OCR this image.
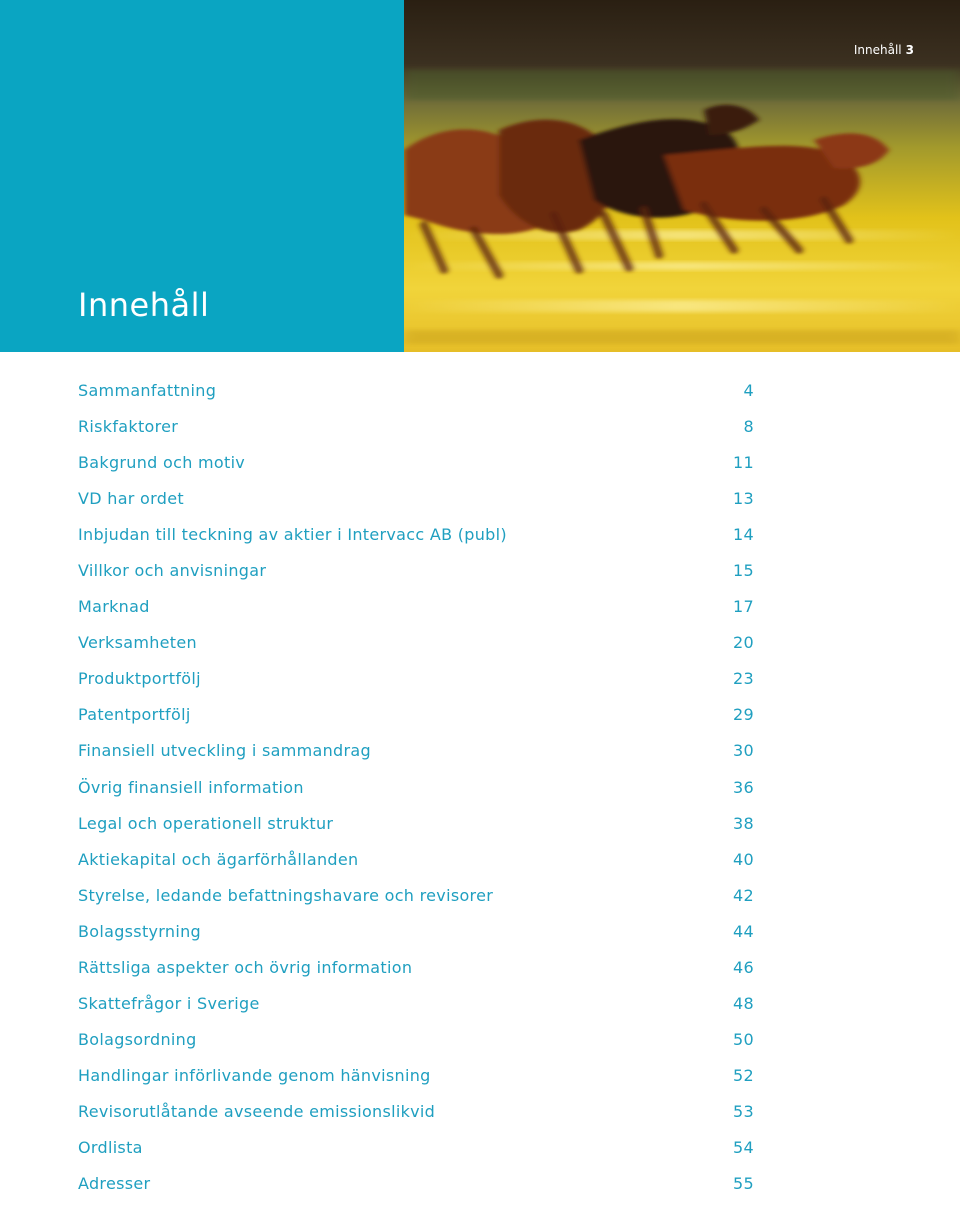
Innehåll
Innehåll 3
Sammanfattning	4
Riskfaktorer	8
Bakgrund och motiv	11
VD har ordet	13
Inbjudan till teckning av aktier i Intervacc AB (publ)	14
Villkor och anvisningar	15
Marknad	17
Verksamheten	20
Produktportfölj	23
Patentportfölj	29
Finansiell utveckling i sammandrag	30
Övrig finansiell information	36
Legal och operationell struktur	38
Aktiekapital och ägarförhållanden	40
Styrelse, ledande befattningshavare och revisorer	42
Bolagsstyrning	44
Rättsliga aspekter och övrig information	46
Skattefrågor i Sverige	48
Bolagsordning	50
Handlingar införlivande genom hänvisning	52
Revisorutlåtande avseende emissionslikvid	53
Ordlista	54
Adresser	55
